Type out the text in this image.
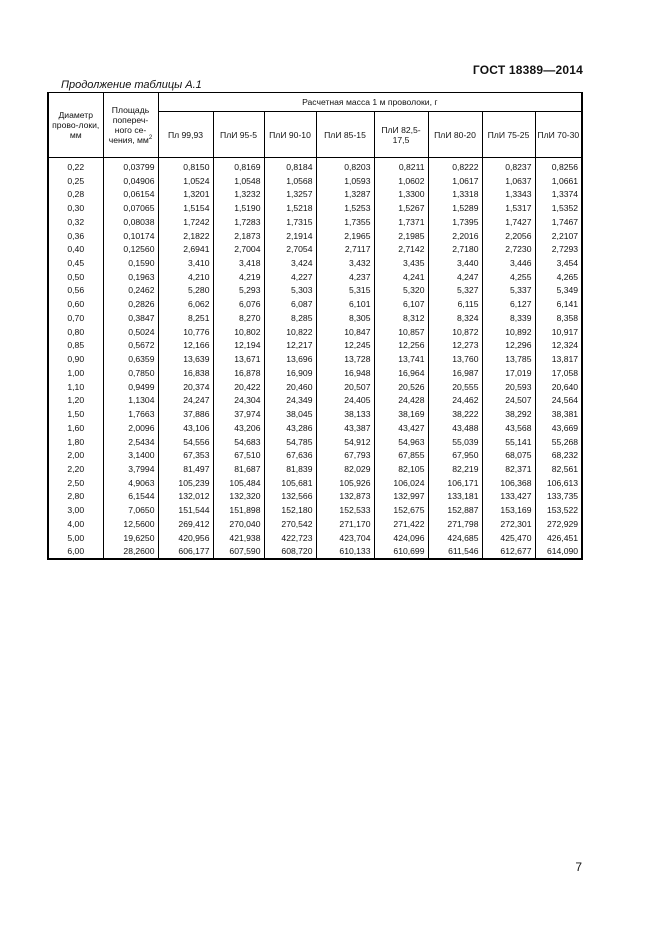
ГОСТ 18389—2014
Продолжение таблицы А.1
Диаметр прово-локи, мм	Площадь попереч-ного се-чения, $мм^2$	Расчетная масса 1 м проволоки, г							
		Пл 99,93	ПлИ 95-5	ПлИ 90-10	ПлИ 85-15	ПлИ 82,5-17,5	ПлИ 80-20	ПлИ 75-25	ПлИ 70-30
0,22	0,03799	0,8150	0,8169	0,8184	0,8203	0,8211	0,8222	0,8237	0,8256
0,25	0,04906	1,0524	1,0548	1,0568	1,0593	1,0602	1,0617	1,0637	1,0661
0,28	0,06154	1,3201	1,3232	1,3257	1,3287	1,3300	1,3318	1,3343	1,3374
0,30	0,07065	1,5154	1,5190	1,5218	1,5253	1,5267	1,5289	1,5317	1,5352
0,32	0,08038	1,7242	1,7283	1,7315	1,7355	1,7371	1,7395	1,7427	1,7467
0,36	0,10174	2,1822	2,1873	2,1914	2,1965	2,1985	2,2016	2,2056	2,2107
0,40	0,12560	2,6941	2,7004	2,7054	2,7117	2,7142	2,7180	2,7230	2,7293
0,45	0,1590	3,410	3,418	3,424	3,432	3,435	3,440	3,446	3,454
0,50	0,1963	4,210	4,219	4,227	4,237	4,241	4,247	4,255	4,265
0,56	0,2462	5,280	5,293	5,303	5,315	5,320	5,327	5,337	5,349
0,60	0,2826	6,062	6,076	6,087	6,101	6,107	6,115	6,127	6,141
0,70	0,3847	8,251	8,270	8,285	8,305	8,312	8,324	8,339	8,358
0,80	0,5024	10,776	10,802	10,822	10,847	10,857	10,872	10,892	10,917
0,85	0,5672	12,166	12,194	12,217	12,245	12,256	12,273	12,296	12,324
0,90	0,6359	13,639	13,671	13,696	13,728	13,741	13,760	13,785	13,817
1,00	0,7850	16,838	16,878	16,909	16,948	16,964	16,987	17,019	17,058
1,10	0,9499	20,374	20,422	20,460	20,507	20,526	20,555	20,593	20,640
1,20	1,1304	24,247	24,304	24,349	24,405	24,428	24,462	24,507	24,564
1,50	1,7663	37,886	37,974	38,045	38,133	38,169	38,222	38,292	38,381
1,60	2,0096	43,106	43,206	43,286	43,387	43,427	43,488	43,568	43,669
1,80	2,5434	54,556	54,683	54,785	54,912	54,963	55,039	55,141	55,268
2,00	3,1400	67,353	67,510	67,636	67,793	67,855	67,950	68,075	68,232
2,20	3,7994	81,497	81,687	81,839	82,029	82,105	82,219	82,371	82,561
2,50	4,9063	105,239	105,484	105,681	105,926	106,024	106,171	106,368	106,613
2,80	6,1544	132,012	132,320	132,566	132,873	132,997	133,181	133,427	133,735
3,00	7,0650	151,544	151,898	152,180	152,533	152,675	152,887	153,169	153,522
4,00	12,5600	269,412	270,040	270,542	271,170	271,422	271,798	272,301	272,929
5,00	19,6250	420,956	421,938	422,723	423,704	424,096	424,685	425,470	426,451
6,00	28,2600	606,177	607,590	608,720	610,133	610,699	611,546	612,677	614,090
7
